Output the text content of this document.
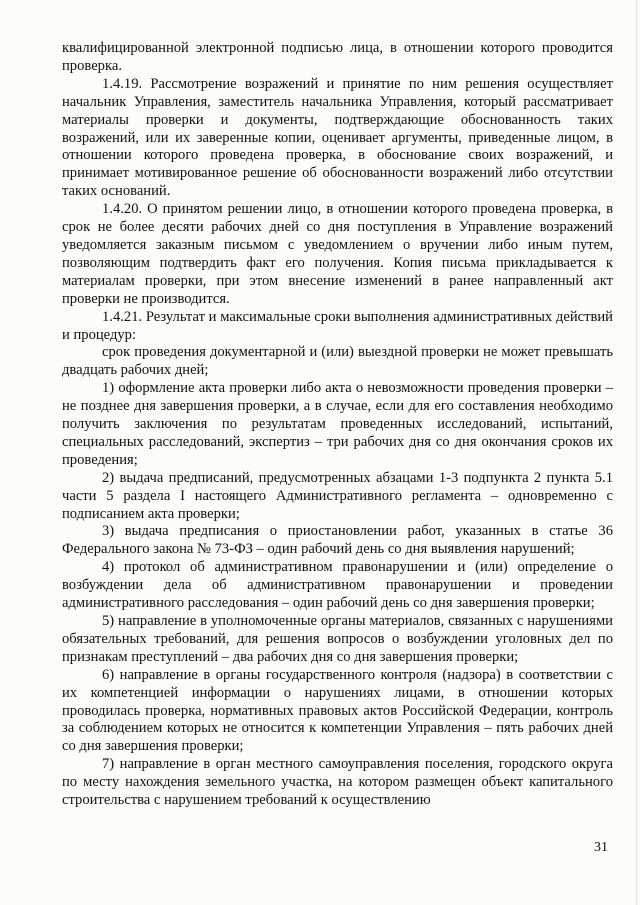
квалифицированной электронной подписью лица, в отношении которого проводится проверка.

1.4.19. Рассмотрение возражений и принятие по ним решения осуществляет начальник Управления, заместитель начальника Управления, который рассматривает материалы проверки и документы, подтверждающие обоснованность таких возражений, или их заверенные копии, оценивает аргументы, приведенные лицом, в отношении которого проведена проверка, в обоснование своих возражений, и принимает мотивированное решение об обоснованности возражений либо отсутствии таких оснований.

1.4.20. О принятом решении лицо, в отношении которого проведена проверка, в срок не более десяти рабочих дней со дня поступления в Управление возражений уведомляется заказным письмом с уведомлением о вручении либо иным путем, позволяющим подтвердить факт его получения. Копия письма прикладывается к материалам проверки, при этом внесение изменений в ранее направленный акт проверки не производится.

1.4.21. Результат и максимальные сроки выполнения административных действий и процедур:

срок проведения документарной и (или) выездной проверки не может превышать двадцать рабочих дней;

1) оформление акта проверки либо акта о невозможности проведения проверки – не позднее дня завершения проверки, а в случае, если для его составления необходимо получить заключения по результатам проведенных исследований, испытаний, специальных расследований, экспертиз – три рабочих дня со дня окончания сроков их проведения;

2) выдача предписаний, предусмотренных абзацами 1-3 подпункта 2 пункта 5.1 части 5 раздела I настоящего Административного регламента – одновременно с подписанием акта проверки;

3) выдача предписания о приостановлении работ, указанных в статье 36 Федерального закона № 73-ФЗ – один рабочий день со дня выявления нарушений;

4) протокол об административном правонарушении и (или) определение о возбуждении дела об административном правонарушении и проведении административного расследования – один рабочий день со дня завершения проверки;

5) направление в уполномоченные органы материалов, связанных с нарушениями обязательных требований, для решения вопросов о возбуждении уголовных дел по признакам преступлений – два рабочих дня со дня завершения проверки;

6) направление в органы государственного контроля (надзора) в соответствии с их компетенцией информации о нарушениях лицами, в отношении которых проводилась проверка, нормативных правовых актов Российской Федерации, контроль за соблюдением которых не относится к компетенции Управления – пять рабочих дней со дня завершения проверки;

7) направление в орган местного самоуправления поселения, городского округа по месту нахождения земельного участка, на котором размещен объект капитального строительства с нарушением требований к осуществлению

31
